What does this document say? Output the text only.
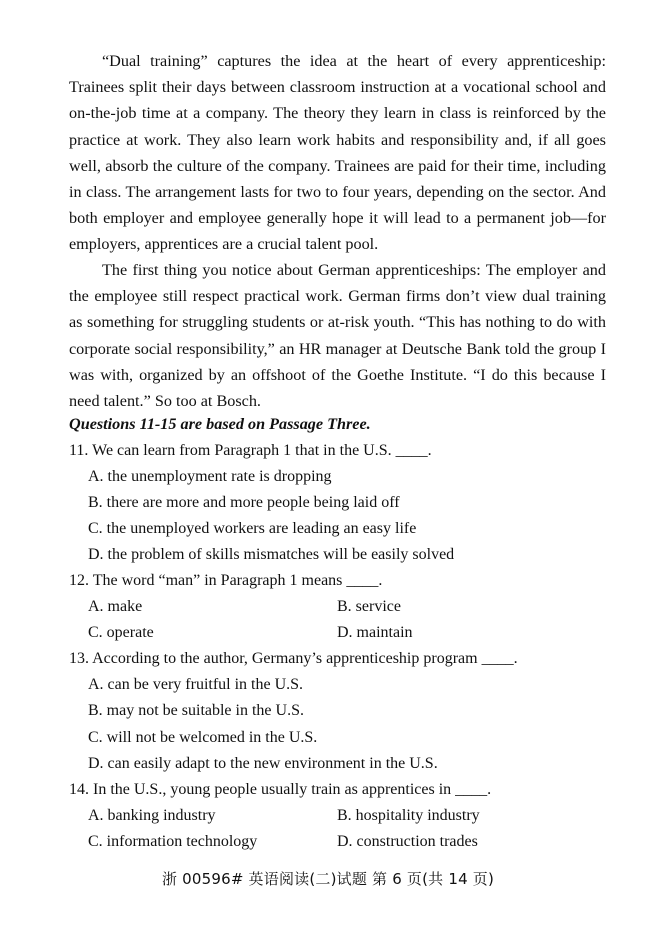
“Dual training” captures the idea at the heart of every apprenticeship: Trainees split their days between classroom instruction at a vocational school and on-the-job time at a company. The theory they learn in class is reinforced by the practice at work. They also learn work habits and responsibility and, if all goes well, absorb the culture of the company. Trainees are paid for their time, including in class. The arrangement lasts for two to four years, depending on the sector. And both employer and employee generally hope it will lead to a permanent job—for employers, apprentices are a crucial talent pool.

The first thing you notice about German apprenticeships: The employer and the employee still respect practical work. German firms don’t view dual training as something for struggling students or at-risk youth. “This has nothing to do with corporate social responsibility,” an HR manager at Deutsche Bank told the group I was with, organized by an offshoot of the Goethe Institute. “I do this because I need talent.” So too at Bosch.

Questions 11-15 are based on Passage Three.

11. We can learn from Paragraph 1 that in the U.S. ____.

A. the unemployment rate is dropping

B. there are more and more people being laid off

C. the unemployed workers are leading an easy life

D. the problem of skills mismatches will be easily solved

12. The word “man” in Paragraph 1 means ____.

A. make	B. service

C. operate	D. maintain

13. According to the author, Germany’s apprenticeship program ____.

A. can be very fruitful in the U.S.

B. may not be suitable in the U.S.

C. will not be welcomed in the U.S.

D. can easily adapt to the new environment in the U.S.

14. In the U.S., young people usually train as apprentices in ____.

A. banking industry	B. hospitality industry

C. information technology	D. construction trades

浙 00596# 英语阅读(二)试题 第 6 页(共 14 页)
